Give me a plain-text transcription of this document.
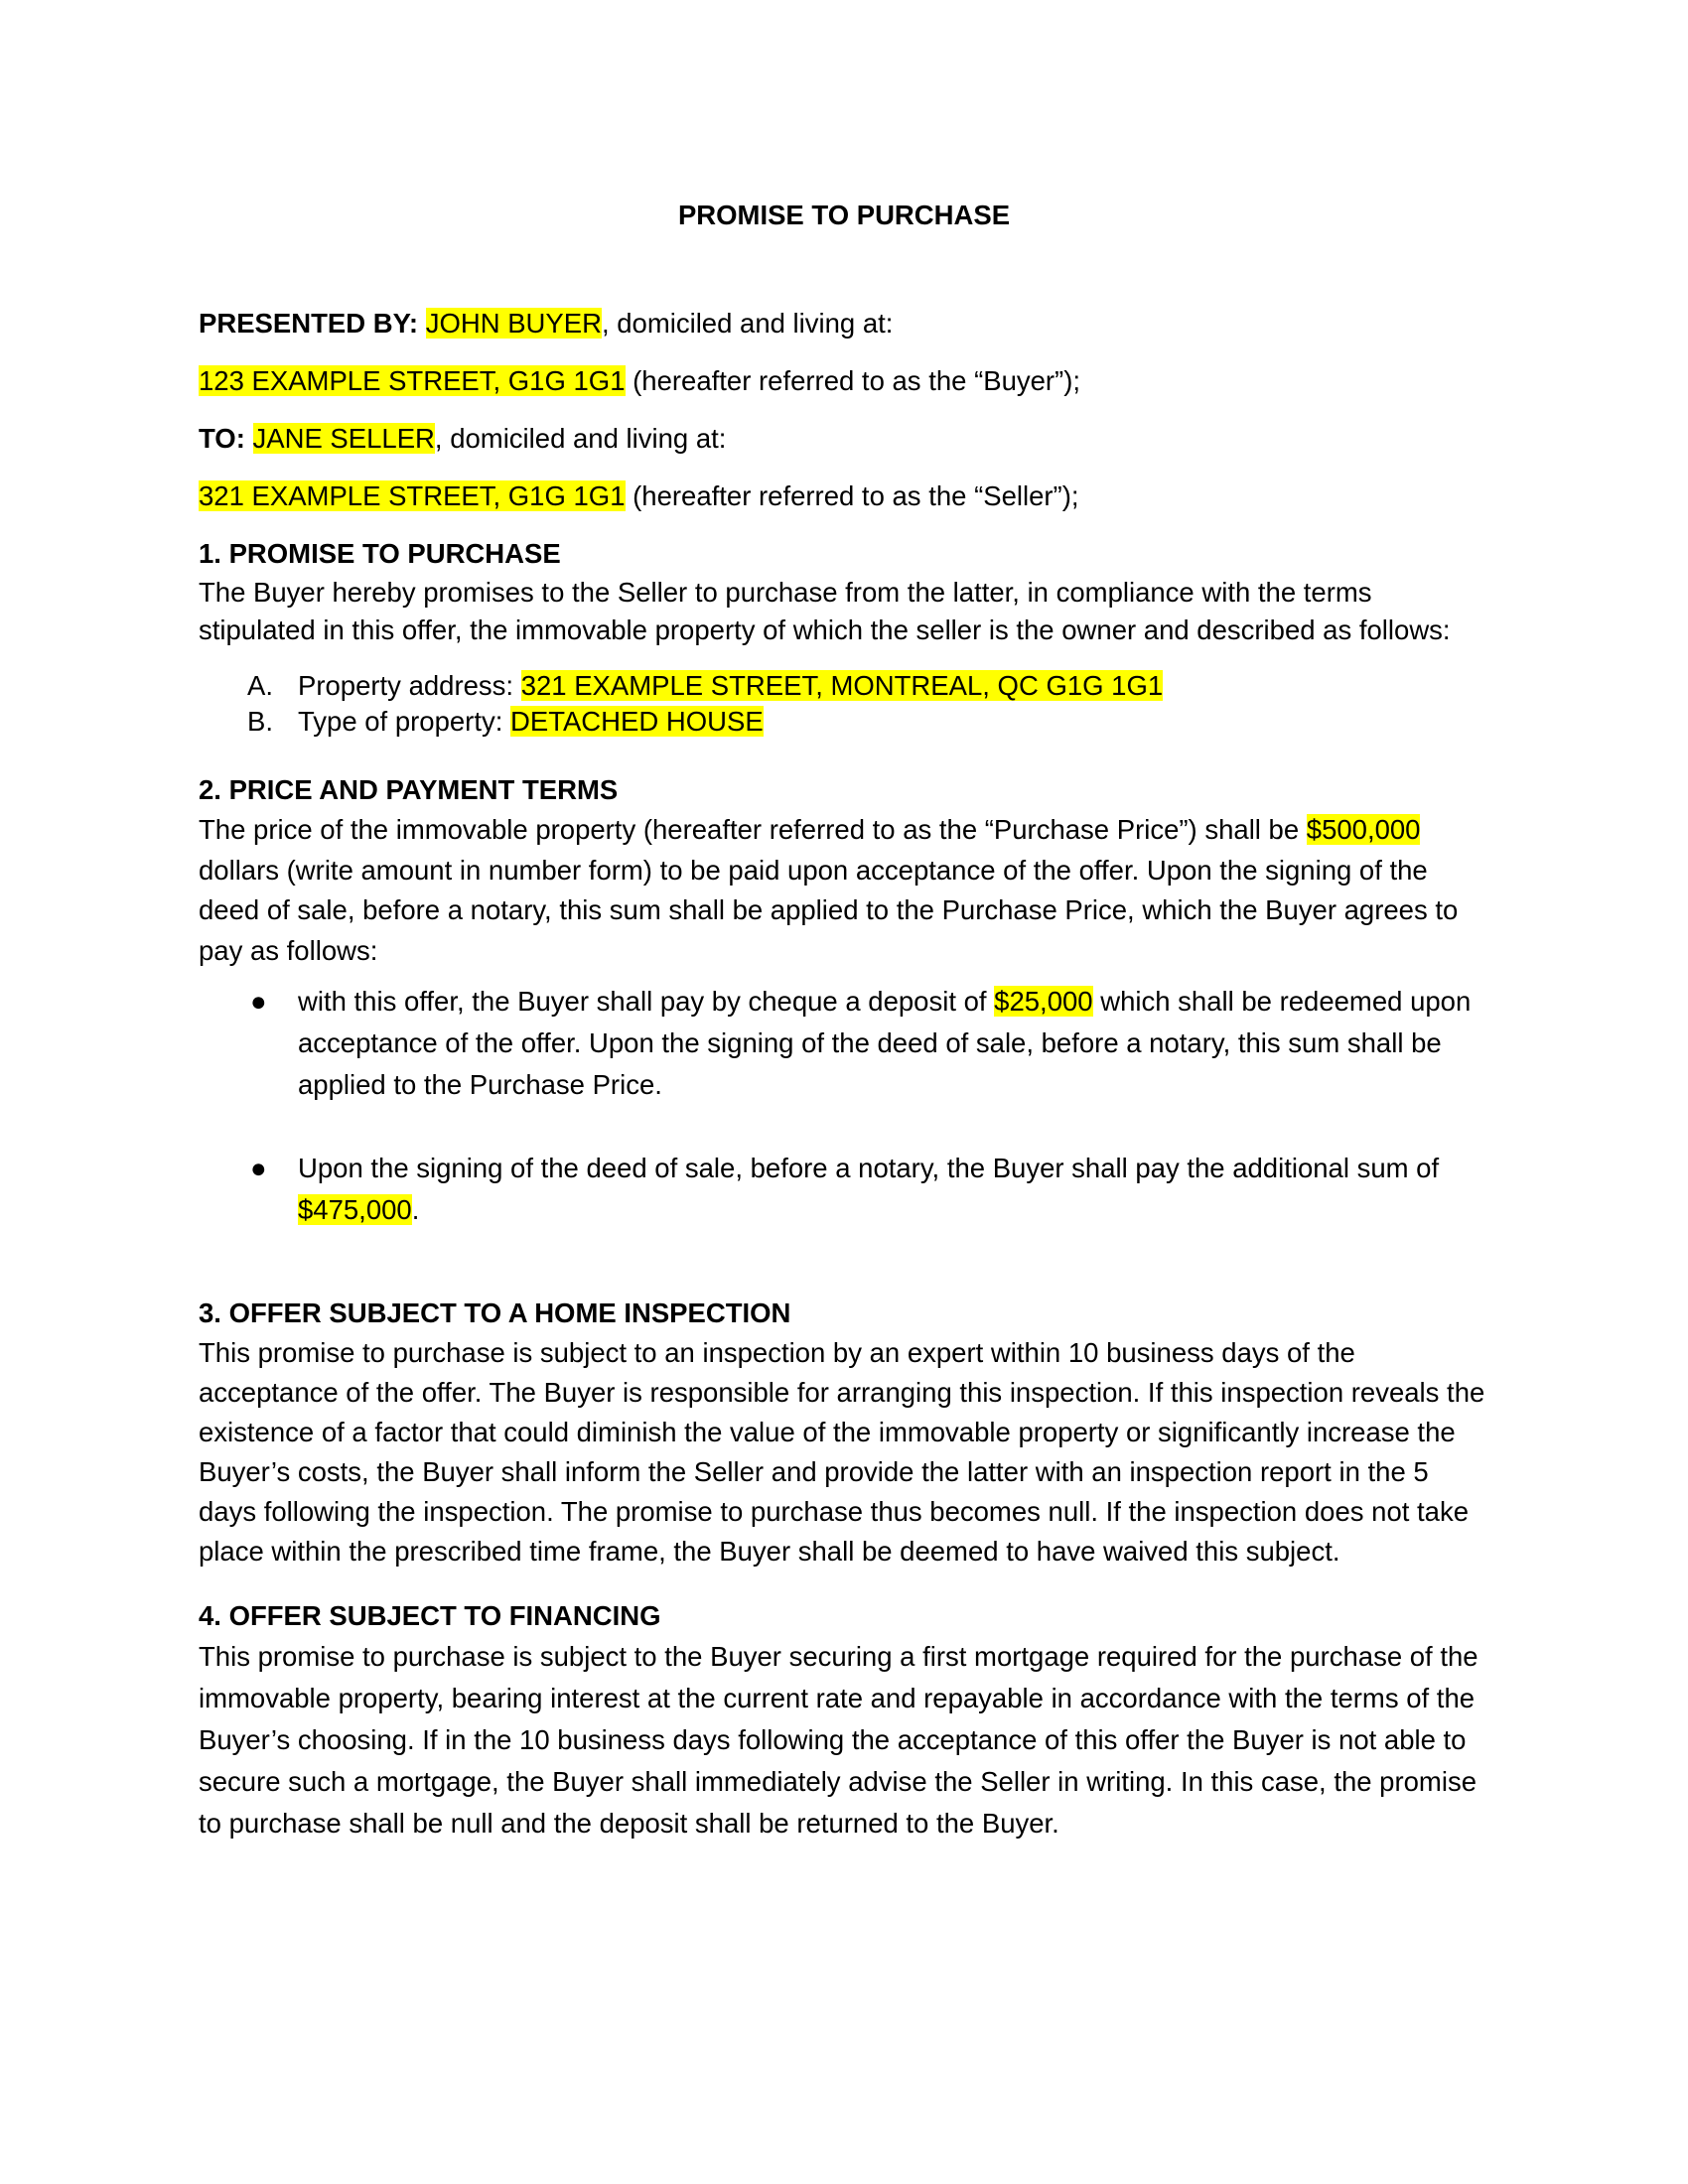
PROMISE TO PURCHASE

PRESENTED BY: JOHN BUYER, domiciled and living at:

123 EXAMPLE STREET, G1G 1G1 (hereafter referred to as the “Buyer”);

TO: JANE SELLER, domiciled and living at:

321 EXAMPLE STREET, G1G 1G1 (hereafter referred to as the “Seller”);

1. PROMISE TO PURCHASE

The Buyer hereby promises to the Seller to purchase from the latter, in compliance with the terms stipulated in this offer, the immovable property of which the seller is the owner and described as follows:

A. Property address: 321 EXAMPLE STREET, MONTREAL, QC G1G 1G1
B. Type of property: DETACHED HOUSE

2. PRICE AND PAYMENT TERMS

The price of the immovable property (hereafter referred to as the “Purchase Price”) shall be $500,000 dollars (write amount in number form) to be paid upon acceptance of the offer. Upon the signing of the deed of sale, before a notary, this sum shall be applied to the Purchase Price, which the Buyer agrees to pay as follows:

● with this offer, the Buyer shall pay by cheque a deposit of $25,000 which shall be redeemed upon acceptance of the offer. Upon the signing of the deed of sale, before a notary, this sum shall be applied to the Purchase Price.
● Upon the signing of the deed of sale, before a notary, the Buyer shall pay the additional sum of $475,000.

3. OFFER SUBJECT TO A HOME INSPECTION

This promise to purchase is subject to an inspection by an expert within 10 business days of the acceptance of the offer. The Buyer is responsible for arranging this inspection. If this inspection reveals the existence of a factor that could diminish the value of the immovable property or significantly increase the Buyer’s costs, the Buyer shall inform the Seller and provide the latter with an inspection report in the 5 days following the inspection. The promise to purchase thus becomes null. If the inspection does not take place within the prescribed time frame, the Buyer shall be deemed to have waived this subject.

4. OFFER SUBJECT TO FINANCING

This promise to purchase is subject to the Buyer securing a first mortgage required for the purchase of the immovable property, bearing interest at the current rate and repayable in accordance with the terms of the Buyer’s choosing. If in the 10 business days following the acceptance of this offer the Buyer is not able to secure such a mortgage, the Buyer shall immediately advise the Seller in writing. In this case, the promise to purchase shall be null and the deposit shall be returned to the Buyer.
